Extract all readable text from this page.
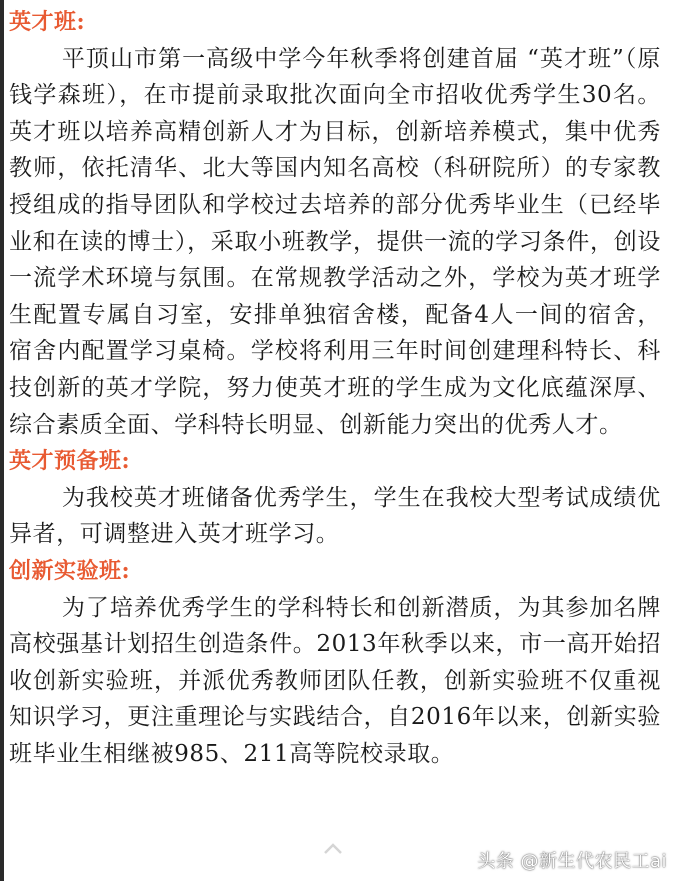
英才班:
平顶山市第一高级中学今年秋季将创建首届 “英才班”（原钱学森班），在市提前录取批次面向全市招收优秀学生30名。英才班以培养高精创新人才为目标，创新培养模式，集中优秀教师，依托清华、北大等国内知名高校（科研院所）的专家教授组成的指导团队和学校过去培养的部分优秀毕业生（已经毕业和在读的博士），采取小班教学，提供一流的学习条件，创设一流学术环境与氛围。在常规教学活动之外，学校为英才班学生配置专属自习室，安排单独宿舍楼，配备4人一间的宿舍，宿舍内配置学习桌椅。学校将利用三年时间创建理科特长、科技创新的英才学院，努力使英才班的学生成为文化底蕴深厚、综合素质全面、学科特长明显、创新能力突出的优秀人才。
英才预备班:
为我校英才班储备优秀学生，学生在我校大型考试成绩优异者，可调整进入英才班学习。
创新实验班:
为了培养优秀学生的学科特长和创新潜质，为其参加名牌高校强基计划招生创造条件。2013年秋季以来，市一高开始招收创新实验班，并派优秀教师团队任教，创新实验班不仅重视知识学习，更注重理论与实践结合，自2016年以来，创新实验班毕业生相继被985、211高等院校录取。
头条 @新生代农民工ai
